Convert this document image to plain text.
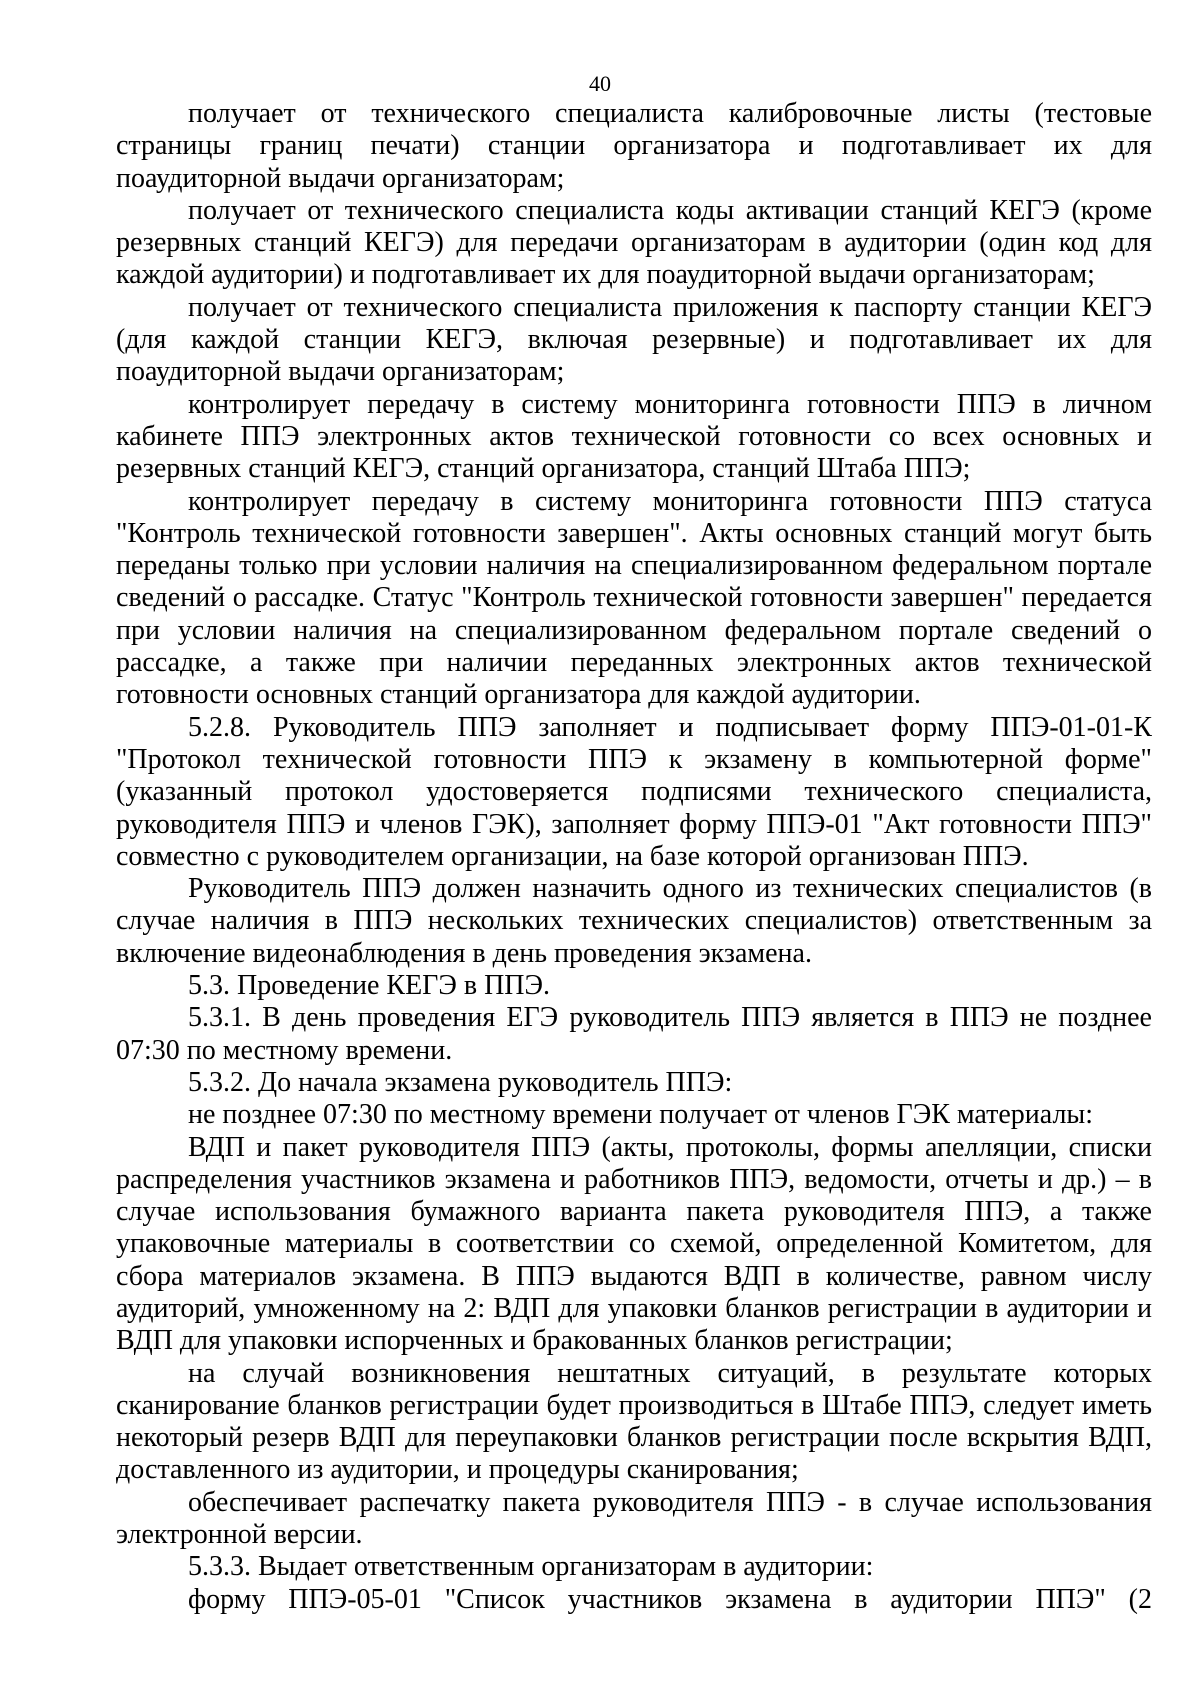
40

получает от технического специалиста калибровочные листы (тестовые страницы границ печати) станции организатора и подготавливает их для поаудиторной выдачи организаторам;

получает от технического специалиста коды активации станций КЕГЭ (кроме резервных станций КЕГЭ) для передачи организаторам в аудитории (один код для каждой аудитории) и подготавливает их для поаудиторной выдачи организаторам;

получает от технического специалиста приложения к паспорту станции КЕГЭ (для каждой станции КЕГЭ, включая резервные) и подготавливает их для поаудиторной выдачи организаторам;

контролирует передачу в систему мониторинга готовности ППЭ в личном кабинете ППЭ электронных актов технической готовности со всех основных и резервных станций КЕГЭ, станций организатора, станций Штаба ППЭ;

контролирует передачу в систему мониторинга готовности ППЭ статуса "Контроль технической готовности завершен". Акты основных станций могут быть переданы только при условии наличия на специализированном федеральном портале сведений о рассадке. Статус "Контроль технической готовности завершен" передается при условии наличия на специализированном федеральном портале сведений о рассадке, а также при наличии переданных электронных актов технической готовности основных станций организатора для каждой аудитории.

5.2.8. Руководитель ППЭ заполняет и подписывает форму ППЭ-01-01-К "Протокол технической готовности ППЭ к экзамену в компьютерной форме" (указанный протокол удостоверяется подписями технического специалиста, руководителя ППЭ и членов ГЭК), заполняет форму ППЭ-01 "Акт готовности ППЭ" совместно с руководителем организации, на базе которой организован ППЭ.

Руководитель ППЭ должен назначить одного из технических специалистов (в случае наличия в ППЭ нескольких технических специалистов) ответственным за включение видеонаблюдения в день проведения экзамена.

5.3. Проведение КЕГЭ в ППЭ.

5.3.1. В день проведения ЕГЭ руководитель ППЭ является в ППЭ не позднее 07:30 по местному времени.

5.3.2. До начала экзамена руководитель ППЭ:

не позднее 07:30 по местному времени получает от членов ГЭК материалы:

ВДП и пакет руководителя ППЭ (акты, протоколы, формы апелляции, списки распределения участников экзамена и работников ППЭ, ведомости, отчеты и др.) – в случае использования бумажного варианта пакета руководителя ППЭ, а также упаковочные материалы в соответствии со схемой, определенной Комитетом, для сбора материалов экзамена. В ППЭ выдаются ВДП в количестве, равном числу аудиторий, умноженному на 2: ВДП для упаковки бланков регистрации в аудитории и ВДП для упаковки испорченных и бракованных бланков регистрации;

на случай возникновения нештатных ситуаций, в результате которых сканирование бланков регистрации будет производиться в Штабе ППЭ, следует иметь некоторый резерв ВДП для переупаковки бланков регистрации после вскрытия ВДП, доставленного из аудитории, и процедуры сканирования;

обеспечивает распечатку пакета руководителя ППЭ - в случае использования электронной версии.

5.3.3. Выдает ответственным организаторам в аудитории:

форму ППЭ-05-01 "Список участников экзамена в аудитории ППЭ" (2
